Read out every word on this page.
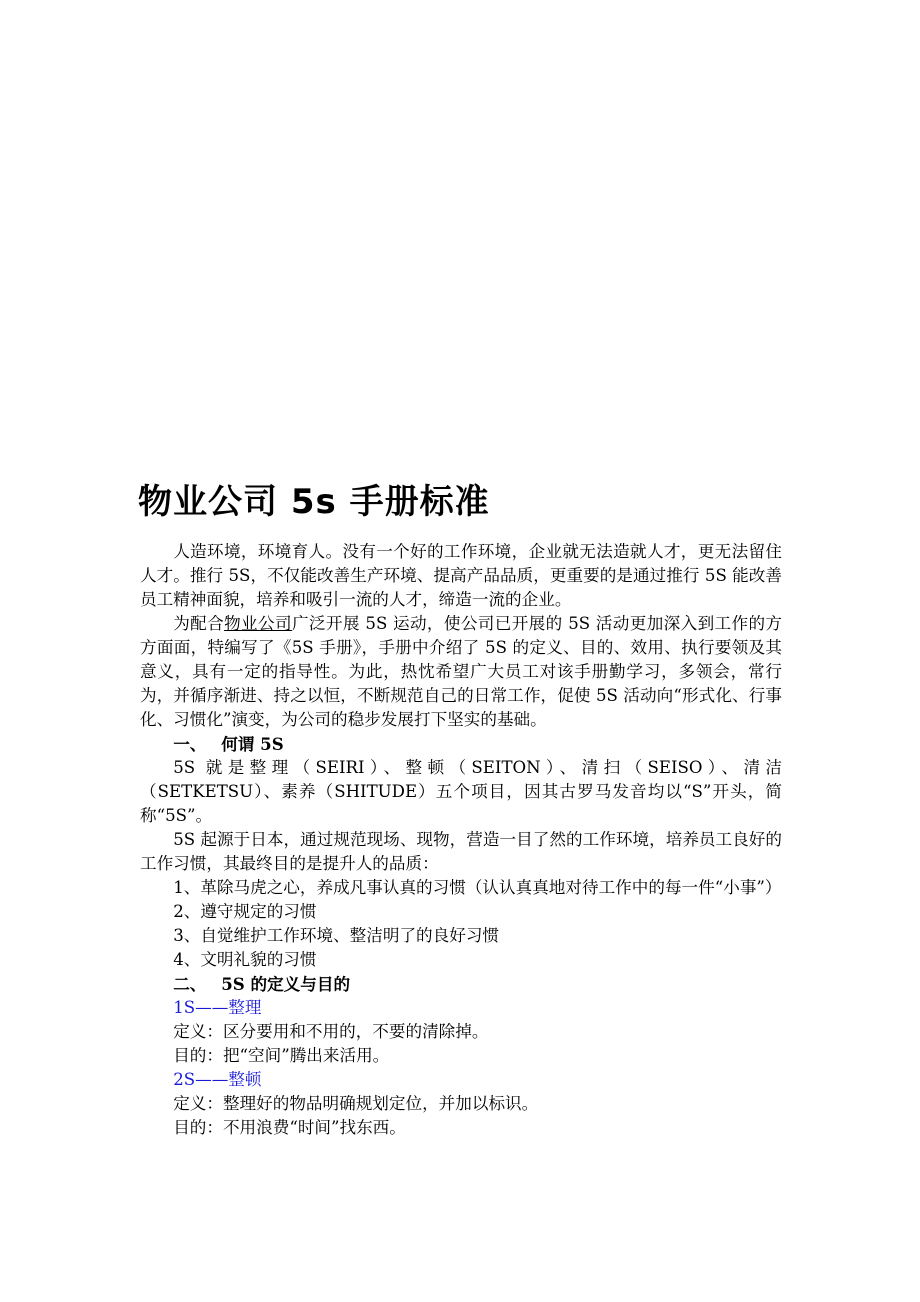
物业公司 5s 手册标准

人造环境，环境育人。没有一个好的工作环境，企业就无法造就人才，更无法留住人才。推行 5S，不仅能改善生产环境、提高产品品质，更重要的是通过推行 5S 能改善员工精神面貌，培养和吸引一流的人才，缔造一流的企业。

为配合物业公司广泛开展 5S 运动，使公司已开展的 5S 活动更加深入到工作的方方面面，特编写了《5S 手册》，手册中介绍了 5S 的定义、目的、效用、执行要领及其意义，具有一定的指导性。为此，热忱希望广大员工对该手册勤学习，多领会，常行为，并循序渐进、持之以恒，不断规范自己的日常工作，促使 5S 活动向“形式化、行事化、习惯化”演变，为公司的稳步发展打下坚实的基础。

一、 何谓 5S

5S 就是整理（SEIRI）、整顿（SEITON）、清扫（SEISO）、清洁（SETKETSU）、素养（SHITUDE）五个项目，因其古罗马发音均以“S”开头，简称“5S”。

5S 起源于日本，通过规范现场、现物，营造一目了然的工作环境，培养员工良好的工作习惯，其最终目的是提升人的品质：

1、革除马虎之心，养成凡事认真的习惯（认认真真地对待工作中的每一件“小事”）

2、遵守规定的习惯

3、自觉维护工作环境、整洁明了的良好习惯

4、文明礼貌的习惯

二、 5S 的定义与目的

1S——整理

定义：区分要用和不用的，不要的清除掉。

目的：把“空间”腾出来活用。

2S——整顿

定义：整理好的物品明确规划定位，并加以标识。

目的：不用浪费“时间”找东西。
